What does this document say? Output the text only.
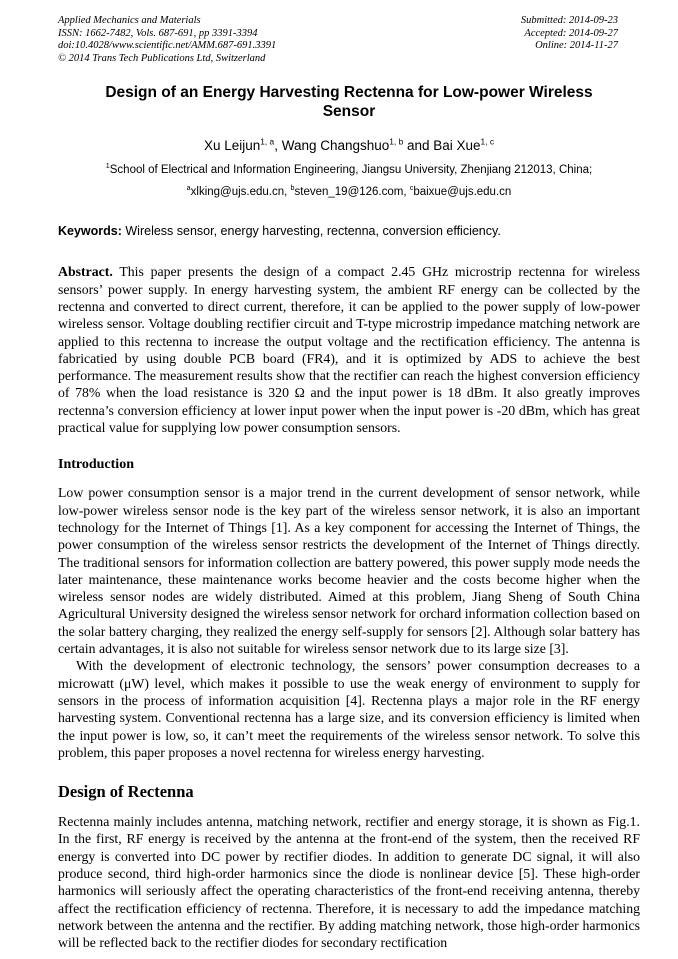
Applied Mechanics and Materials
ISSN: 1662-7482, Vols. 687-691, pp 3391-3394
doi:10.4028/www.scientific.net/AMM.687-691.3391
© 2014 Trans Tech Publications Ltd, Switzerland
Submitted: 2014-09-23
Accepted: 2014-09-27
Online: 2014-11-27
Design of an Energy Harvesting Rectenna for Low-power Wireless Sensor
Xu Leijun$^{1, a}$, Wang Changshuo$^{1, b}$ and Bai Xue$^{1, c}$
$^1$School of Electrical and Information Engineering, Jiangsu University, Zhenjiang 212013, China;
$^a$xlking@ujs.edu.cn, $^b$steven_19@126.com, $^c$baixue@ujs.edu.cn
Keywords: Wireless sensor, energy harvesting, rectenna, conversion efficiency.

Abstract. This paper presents the design of a compact 2.45 GHz microstrip rectenna for wireless sensors’ power supply. In energy harvesting system, the ambient RF energy can be collected by the rectenna and converted to direct current, therefore, it can be applied to the power supply of low-power wireless sensor. Voltage doubling rectifier circuit and T-type microstrip impedance matching network are applied to this rectenna to increase the output voltage and the rectification efficiency. The antenna is fabricatied by using double PCB board (FR4), and it is optimized by ADS to achieve the best performance. The measurement results show that the rectifier can reach the highest conversion efficiency of 78% when the load resistance is 320 Ω and the input power is 18 dBm. It also greatly improves rectenna’s conversion efficiency at lower input power when the input power is -20 dBm, which has great practical value for supplying low power consumption sensors.

Introduction

Low power consumption sensor is a major trend in the current development of sensor network, while low-power wireless sensor node is the key part of the wireless sensor network, it is also an important technology for the Internet of Things [1]. As a key component for accessing the Internet of Things, the power consumption of the wireless sensor restricts the development of the Internet of Things directly. The traditional sensors for information collection are battery powered, this power supply mode needs the later maintenance, these maintenance works become heavier and the costs become higher when the wireless sensor nodes are widely distributed. Aimed at this problem, Jiang Sheng of South China Agricultural University designed the wireless sensor network for orchard information collection based on the solar battery charging, they realized the energy self-supply for sensors [2]. Although solar battery has certain advantages, it is also not suitable for wireless sensor network due to its large size [3].

With the development of electronic technology, the sensors’ power consumption decreases to a microwatt (μW) level, which makes it possible to use the weak energy of environment to supply for sensors in the process of information acquisition [4]. Rectenna plays a major role in the RF energy harvesting system. Conventional rectenna has a large size, and its conversion efficiency is limited when the input power is low, so, it can’t meet the requirements of the wireless sensor network. To solve this problem, this paper proposes a novel rectenna for wireless energy harvesting.

Design of Rectenna

Rectenna mainly includes antenna, matching network, rectifier and energy storage, it is shown as Fig.1. In the first, RF energy is received by the antenna at the front-end of the system, then the received RF energy is converted into DC power by rectifier diodes. In addition to generate DC signal, it will also produce second, third high-order harmonics since the diode is nonlinear device [5]. These high-order harmonics will seriously affect the operating characteristics of the front-end receiving antenna, thereby affect the rectification efficiency of rectenna. Therefore, it is necessary to add the impedance matching network between the antenna and the rectifier. By adding matching network, those high-order harmonics will be reflected back to the rectifier diodes for secondary rectification
